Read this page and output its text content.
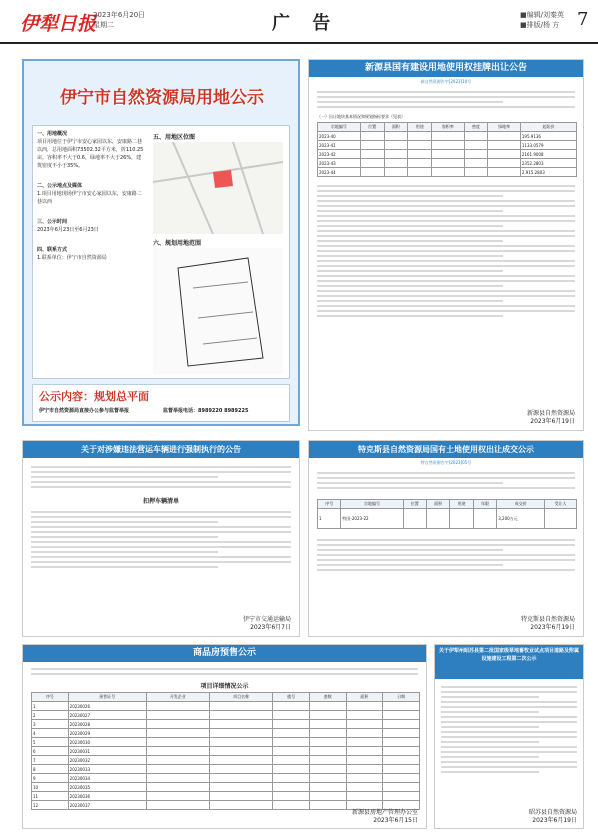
伊犁日报
2023年6月20日
星期二	广 告	■编辑/刘秦英
■排版/杨 方 7
伊宁市自然资源局用地公示
一、用地概况
项目用地位于伊宁市安心家园以东，安康路二巷以西，总用地面积73502.32平方米，折110.25亩。容积率不大于0.6，绿地率不大于26%，建筑密度不小于35%。
二、公示地点及媒体
1.项目用地现场伊宁市安心家园以东，安康路二巷以西
三、公示时间
2023年6月23日至6月23日
四、联系方式
1.联系单位：伊宁市自然资源局
五、用地区位图
六、规划用地范围
公示内容：规划总平面
伊宁市自然资源局直接办公参与监督举报	监督举报电话：8989220 8989225
新源县国有建设用地使用权挂牌出让公告
新自然资源告字[2023]10号
（一）出让地块基本情况和规划指标要求（见表）
宗地编号	位置	面积	用途	容积率	密度	绿地率	起始价
2023-40							195.9136
2023-41							1133.0579
2023-42							2161.9008
2023-43							2352.2803
2023-44							2,915.2803
新源县自然资源局
2023年6月19日
关于对涉嫌违法营运车辆进行强制执行的公告
扣押车辆清单
伊宁市交通运输局
2023年6月7日
特克斯县自然资源局国有土地使用权出让成交公示
特自然资源告字[2023]05号
序号	宗地编号	位置	面积	用途	年限	成交价	受让人
1	特国-2023-22					3,200万元	
特克斯县自然资源局
2023年6月19日
商品房预售公示
项目详细情况公示
序号	预售证号	开发企业	项目名称	楼号	套数	面积	日期
1	20230026						
2	20230027						
3	20230028						
4	20230029						
5	20230030						
6	20230031						
7	20230032						
8	20230033						
9	20230034						
10	20230035						
11	20230036						
12	20230037						
新源县房地产管理办公室
2023年6月15日
关于伊犁州昭苏县第二批国家级草地畜牧业试点项目道路及附属设施建设工程第二次公示
昭苏县自然资源局
2023年6月19日
